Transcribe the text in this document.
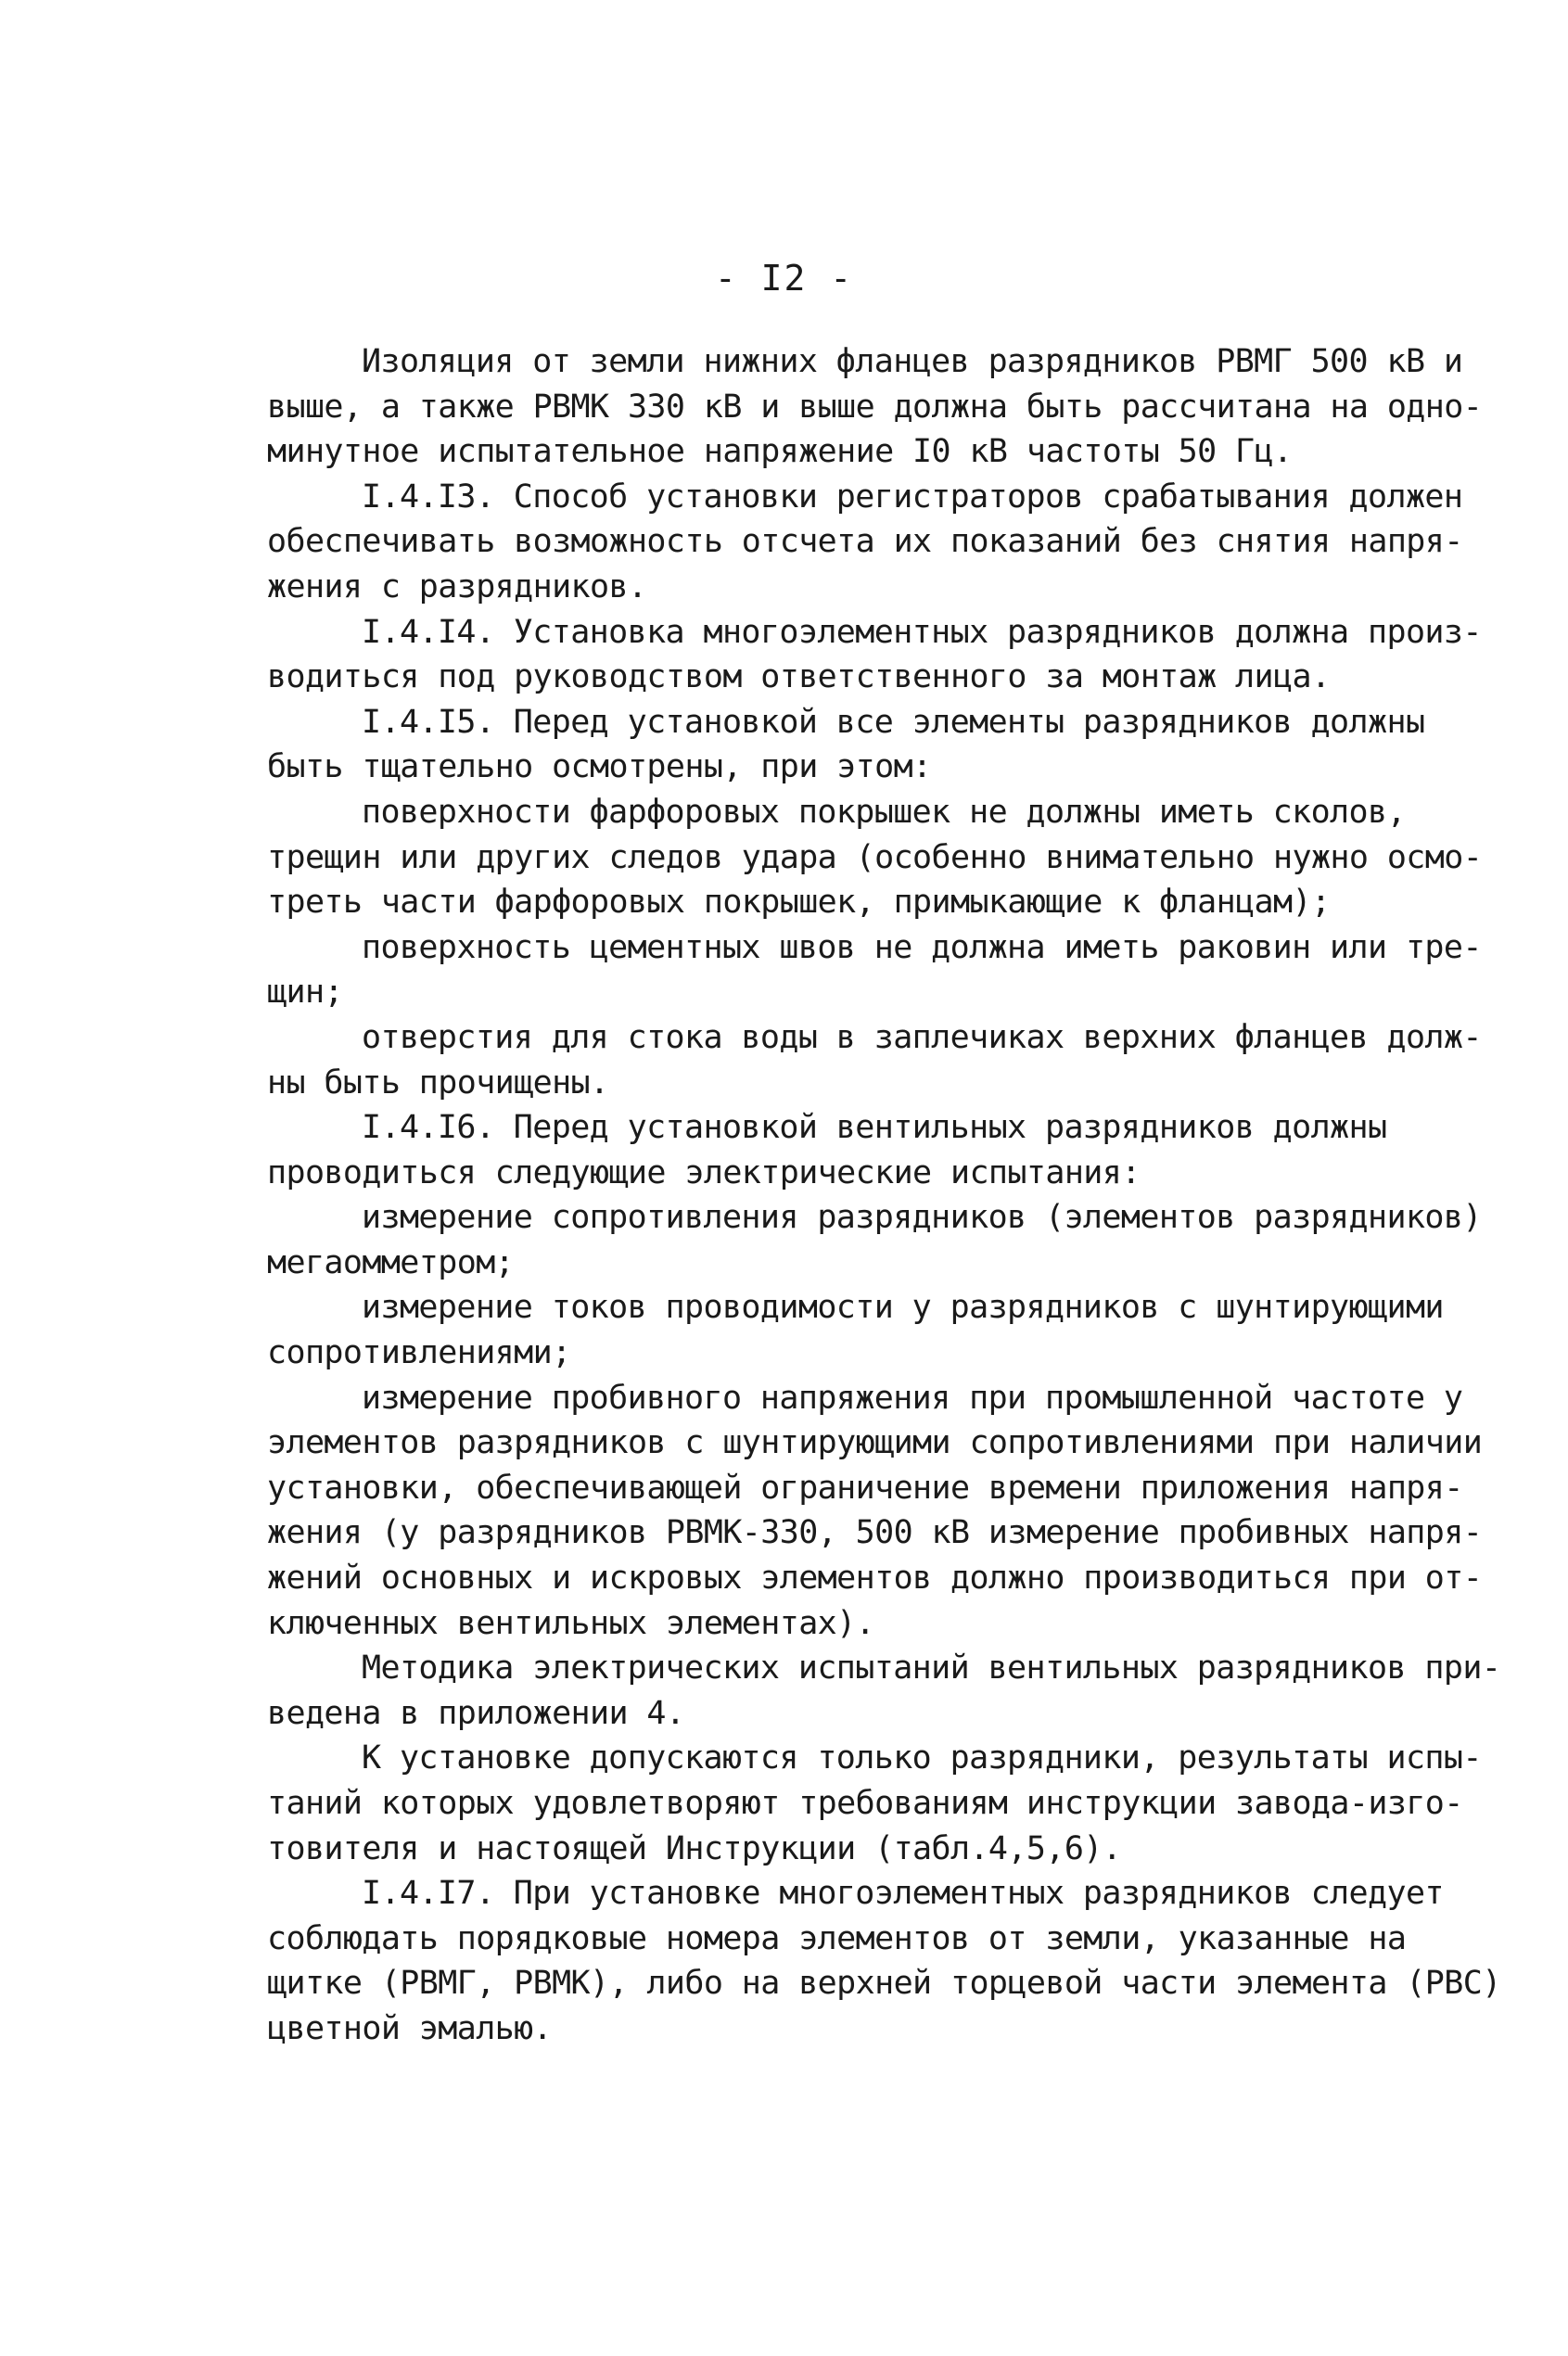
- I2 -
Изоляция от земли нижних фланцев разрядников РВМГ 500 кВ и
выше, а также РВМК 330 кВ и выше должна быть рассчитана на одно-
минутное испытательное напряжение I0 кВ частоты 50 Гц.
I.4.I3. Способ установки регистраторов срабатывания должен
обеспечивать возможность отсчета их показаний без снятия напря-
жения с разрядников.
I.4.I4. Установка многоэлементных разрядников должна произ-
водиться под руководством ответственного за монтаж лица.
I.4.I5. Перед установкой все элементы разрядников должны
быть тщательно осмотрены, при этом:
поверхности фарфоровых покрышек не должны иметь сколов,
трещин или других следов удара (особенно внимательно нужно осмо-
треть части фарфоровых покрышек, примыкающие к фланцам);
поверхность цементных швов не должна иметь раковин или тре-
щин;
отверстия для стока воды в заплечиках верхних фланцев долж-
ны быть прочищены.
I.4.I6. Перед установкой вентильных разрядников должны
проводиться следующие электрические испытания:
измерение сопротивления разрядников (элементов разрядников)
мегаомметром;
измерение токов проводимости у разрядников с шунтирующими
сопротивлениями;
измерение пробивного напряжения при промышленной частоте у
элементов разрядников с шунтирующими сопротивлениями при наличии
установки, обеспечивающей ограничение времени приложения напря-
жения (у разрядников РВМК-330, 500 кВ измерение пробивных напря-
жений основных и искровых элементов должно производиться при от-
ключенных вентильных элементах).
Методика электрических испытаний вентильных разрядников при-
ведена в приложении 4.
К установке допускаются только разрядники, результаты испы-
таний которых удовлетворяют требованиям инструкции завода-изго-
товителя и настоящей Инструкции (табл.4,5,6).
I.4.I7. При установке многоэлементных разрядников следует
соблюдать порядковые номера элементов от земли, указанные на
щитке (РВМГ, РВМК), либо на верхней торцевой части элемента (РВС)
цветной эмалью.
